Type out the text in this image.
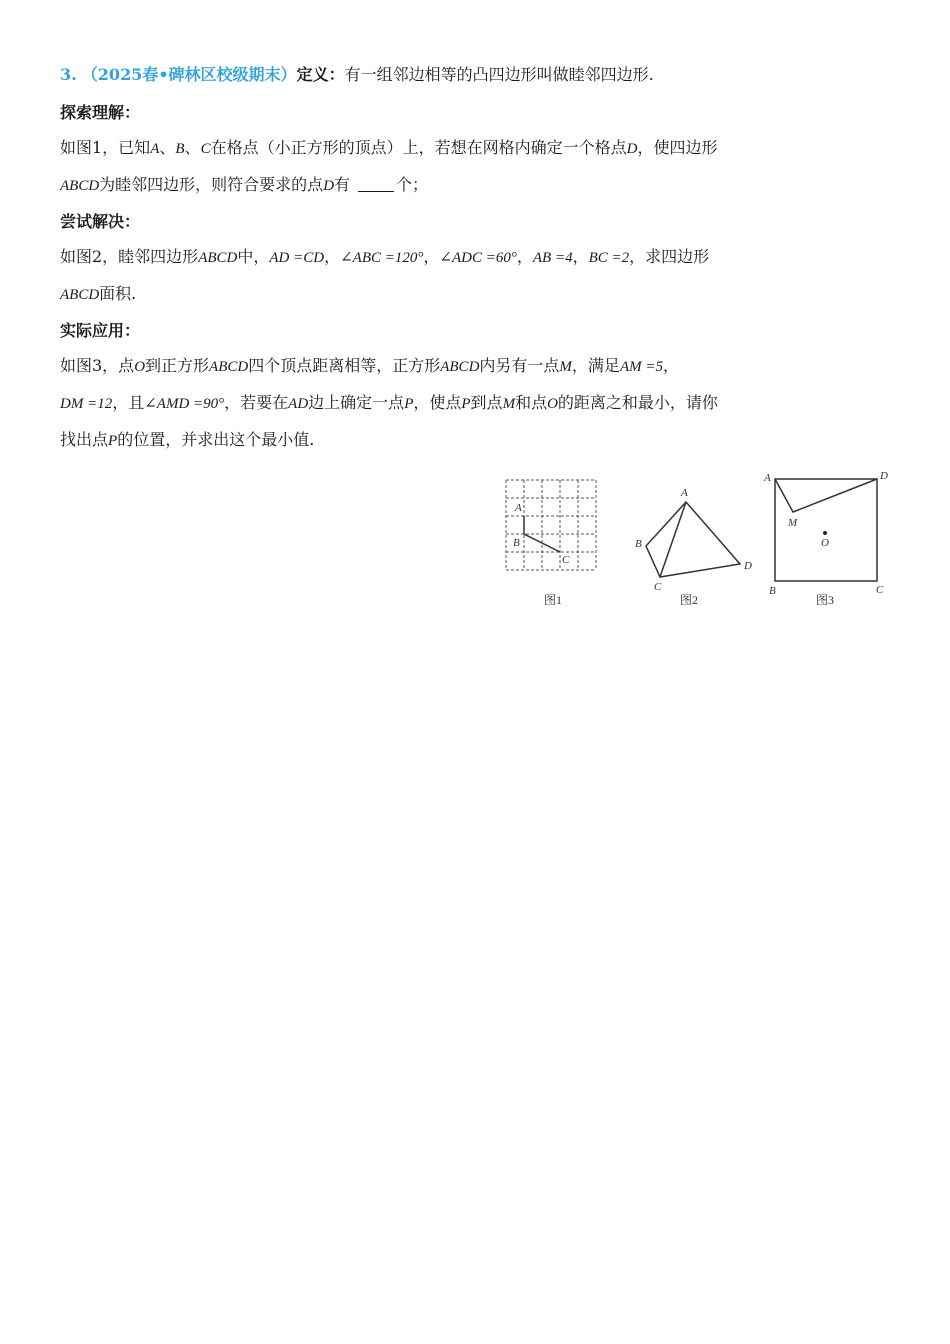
3. （2025春•碑林区校级期末）定义：有一组邻边相等的凸四边形叫做睦邻四边形.
探索理解：
如图1，已知A、B、C在格点（小正方形的顶点）上，若想在网格内确定一个格点D，使四边形
ABCD为睦邻四边形，则符合要求的点D有	个；
尝试解决：
如图2，睦邻四边形ABCD中，AD =CD，∠ABC =120°，∠ADC =60°，AB =4，BC =2，求四边形
ABCD面积.
实际应用：
如图3，点O到正方形ABCD四个顶点距离相等，正方形ABCD内另有一点M，满足AM =5，
DM =12，且∠AMD =90°，若要在AD边上确定一点P，使点P到点M和点O的距离之和最小，请你
找出点P的位置，并求出这个最小值.
A
B
C
图1
A
B
C
D
图2
A	D
M
O
B	C
图3
